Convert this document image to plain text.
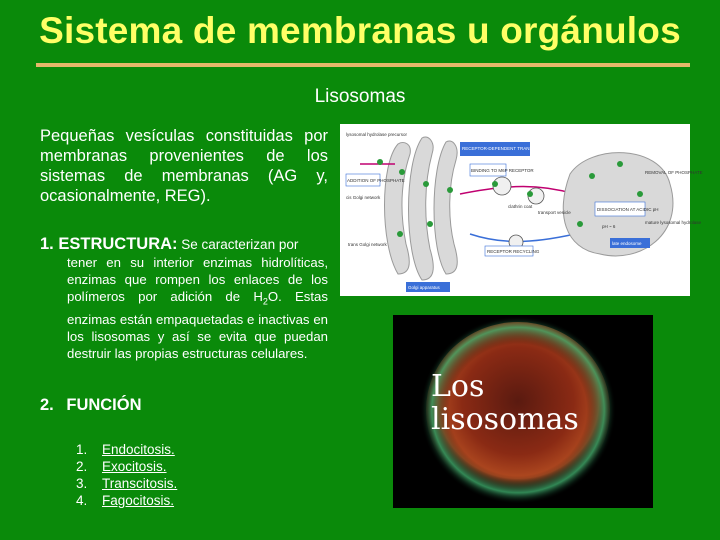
Sistema de membranas u orgánulos
Lisosomas
Pequeñas vesículas constituidas por membranas provenientes de los sistemas de membranas (AG y, ocasionalmente, REG).
1. ESTRUCTURA: Se caracterizan por
tener en su interior enzimas hidrolíticas, enzimas que rompen los enlaces de los polímeros por adición de $H_2O$. Estas enzimas están empaquetadas e inactivas en los lisosomas y así se evita que puedan destruir las propias estructuras celulares.
2. FUNCIÓN
1. Endocitosis.
2. Exocitosis.
3. Transcitosis.
4. Fagocitosis.
RECEPTOR-DEPENDENT TRANSPORT
lysosomal hydrolase precursor
BINDING TO M6P RECEPTOR
ADDITION OF PHOSPHATE
cis Golgi network
clathrin coat
transport vesicle
DISSOCIATION AT ACIDIC pH
pH ~ 6
REMOVAL OF PHOSPHATE
mature lysosomal hydrolase
RECEPTOR RECYCLING
late endosome
trans Golgi network
Golgi apparatus
Los
lisosomas
